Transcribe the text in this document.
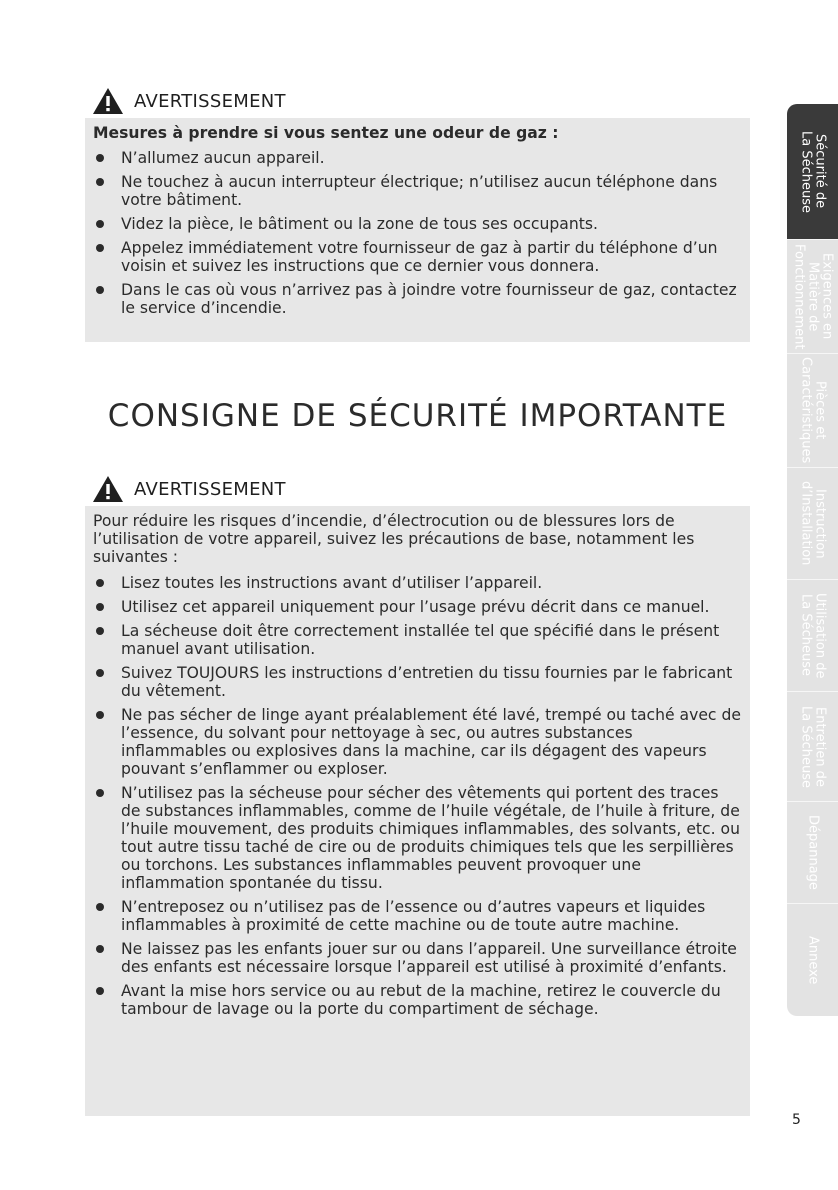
AVERTISSEMENT

Mesures à prendre si vous sentez une odeur de gaz :

N’allumez aucun appareil.
Ne touchez à aucun interrupteur électrique; n’utilisez aucun téléphone dans votre bâtiment.
Videz la pièce, le bâtiment ou la zone de tous ses occupants.
Appelez immédiatement votre fournisseur de gaz à partir du téléphone d’un voisin et suivez les instructions que ce dernier vous donnera.
Dans le cas où vous n’arrivez pas à joindre votre fournisseur de gaz, contactez le service d’incendie.
CONSIGNE DE SÉCURITÉ IMPORTANTE
AVERTISSEMENT

Pour réduire les risques d’incendie, d’électrocution ou de blessures lors de l’utilisation de votre appareil, suivez les précautions de base, notamment les suivantes :

Lisez toutes les instructions avant d’utiliser l’appareil.
Utilisez cet appareil uniquement pour l’usage prévu décrit dans ce manuel.
La sécheuse doit être correctement installée tel que spécifié dans le présent manuel avant utilisation.
Suivez TOUJOURS les instructions d’entretien du tissu fournies par le fabricant du vêtement.
Ne pas sécher de linge ayant préalablement été lavé, trempé ou taché avec de l’essence, du solvant pour nettoyage à sec, ou autres substances inflammables ou explosives dans la machine, car ils dégagent des vapeurs pouvant s’enflammer ou exploser.
N’utilisez pas la sécheuse pour sécher des vêtements qui portent des traces de substances inflammables, comme de l’huile végétale, de l’huile à friture, de l’huile mouvement, des produits chimiques inflammables, des solvants, etc. ou tout autre tissu taché de cire ou de produits chimiques tels que les serpillières ou torchons. Les substances inflammables peuvent provoquer une inflammation spontanée du tissu.
N’entreposez ou n’utilisez pas de l’essence ou d’autres vapeurs et liquides inflammables à proximité de cette machine ou de toute autre machine.
Ne laissez pas les enfants jouer sur ou dans l’appareil. Une surveillance étroite des enfants est nécessaire lorsque l’appareil est utilisé à proximité d’enfants.
Avant la mise hors service ou au rebut de la machine, retirez le couvercle du tambour de lavage ou la porte du compartiment de séchage.
Sécurité de
La Sécheuse
Exigences en
Matière de
Fonctionnement
Pièces et
Caractéristiques
Instruction
d’Installation
Utilisation de
La Sécheuse
Entretien de
La Sécheuse
Dépannage
Annexe
5
